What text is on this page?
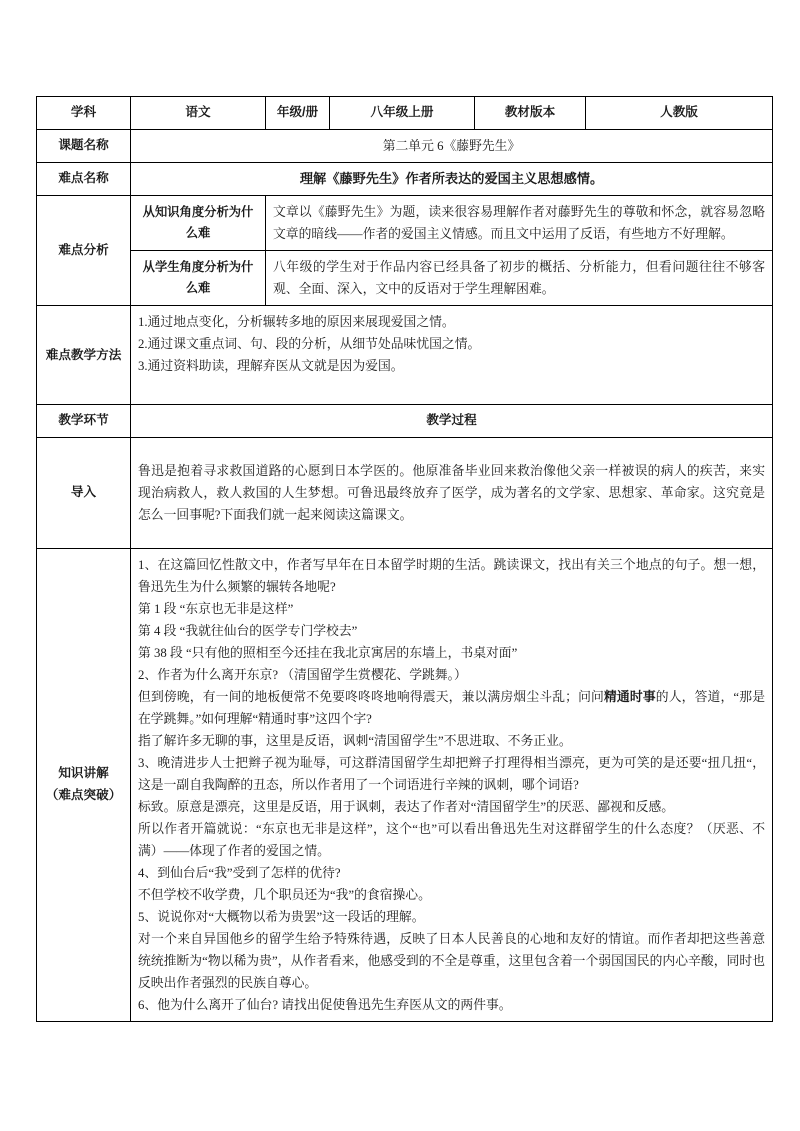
学科	语文	年级/册	八年级上册	教材版本	人教版
课题名称	第二单元 6《藤野先生》				
难点名称	理解《藤野先生》作者所表达的爱国主义思想感情。				
难点分析	从知识角度分析为什么难	文章以《藤野先生》为题，读来很容易理解作者对藤野先生的尊敬和怀念，就容易忽略文章的暗线——作者的爱国主义情感。而且文中运用了反语，有些地方不好理解。			
	从学生角度分析为什么难	八年级的学生对于作品内容已经具备了初步的概括、分析能力，但看问题往往不够客观、全面、深入，文中的反语对于学生理解困难。			
难点教学方法	1.通过地点变化，分析辗转多地的原因来展现爱国之情。

2.通过课文重点词、句、段的分析，从细节处品味忧国之情。

3.通过资料助读，理解弃医从文就是因为爱国。				

教学环节	教学过程				
导入	鲁迅是抱着寻求救国道路的心愿到日本学医的。他原准备毕业回来救治像他父亲一样被误的病人的疾苦，来实现治病救人，救人救国的人生梦想。可鲁迅最终放弃了医学，成为著名的文学家、思想家、革命家。这究竟是怎么一回事呢?下面我们就一起来阅读这篇课文。				

知识讲解
（难点突破）

1、在这篇回忆性散文中，作者写早年在日本留学时期的生活。跳读课文，找出有关三个地点的句子。想一想，鲁迅先生为什么频繁的辗转各地呢?

第 1 段 “东京也无非是这样”

第 4 段 “我就往仙台的医学专门学校去”

第 38 段 “只有他的照相至今还挂在我北京寓居的东墙上，书桌对面”

2、作者为什么离开东京? （清国留学生赏樱花、学跳舞。）

但到傍晚，有一间的地板便常不免要咚咚咚地响得震天，兼以满房烟尘斗乱；问问精通时事的人，答道，“那是在学跳舞。”如何理解“精通时事”这四个字?

指了解许多无聊的事，这里是反语，讽刺“清国留学生”不思进取、不务正业。

3、晚清进步人士把辫子视为耻辱，可这群清国留学生却把辫子打理得相当漂亮，更为可笑的是还要“扭几扭“，这是一副自我陶醉的丑态，所以作者用了一个词语进行辛辣的讽刺，哪个词语?

标致。原意是漂亮，这里是反语，用于讽刺，表达了作者对“清国留学生”的厌恶、鄙视和反感。

所以作者开篇就说：“东京也无非是这样”，这个“也”可以看出鲁迅先生对这群留学生的什么态度？（厌恶、不满）——体现了作者的爱国之情。

4、到仙台后“我”受到了怎样的优待?

不但学校不收学费，几个职员还为“我”的食宿操心。

5、说说你对“大概物以希为贵罢”这一段话的理解。

对一个来自异国他乡的留学生给予特殊待遇，反映了日本人民善良的心地和友好的情谊。而作者却把这些善意统统推断为“物以稀为贵”，从作者看来，他感受到的不全是尊重，这里包含着一个弱国国民的内心辛酸，同时也反映出作者强烈的民族自尊心。

6、他为什么离开了仙台? 请找出促使鲁迅先生弃医从文的两件事。
